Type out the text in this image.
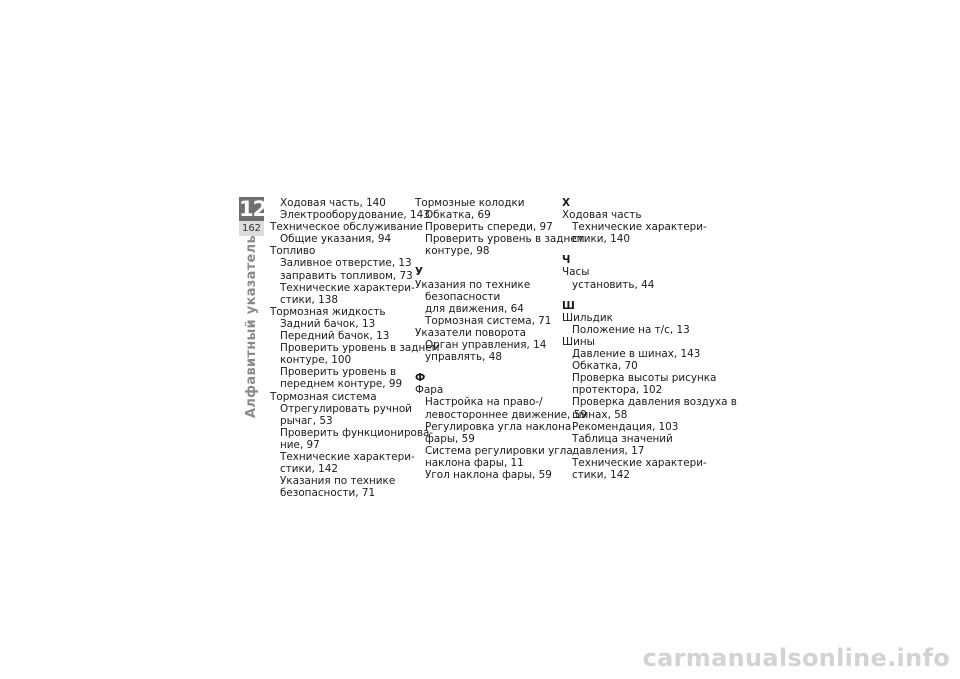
12
162
Алфавитный указатель
Ходовая часть, 140
Электрооборудование, 143
Техническое обслуживание
Общие указания, 94
Топливо
Заливное отверстие, 13
заправить топливом, 73
Технические характери-
стики, 138
Тормозная жидкость
Задний бачок, 13
Передний бачок, 13
Проверить уровень в заднем
контуре, 100
Проверить уровень в
переднем контуре, 99
Тормозная система
Отрегулировать ручной
рычаг, 53
Проверить функционирова-
ние, 97
Технические характери-
стики, 142
Указания по технике
безопасности, 71
Тормозные колодки
Обкатка, 69
Проверить спереди, 97
Проверить уровень в заднем
контуре, 98
У
Указания по технике
безопасности
для движения, 64
Тормозная система, 71
Указатели поворота
Орган управления, 14
управлять, 48
Ф
Фара
Настройка на право-/
левостороннее движение, 59
Регулировка угла наклона
фары, 59
Система регулировки угла
наклона фары, 11
Угол наклона фары, 59
Х
Ходовая часть
Технические характери-
стики, 140
Ч
Часы
установить, 44
Ш
Шильдик
Положение на т/с, 13
Шины
Давление в шинах, 143
Обкатка, 70
Проверка высоты рисунка
протектора, 102
Проверка давления воздуха в
шинах, 58
Рекомендация, 103
Таблица значений
давления, 17
Технические характери-
стики, 142
carmanualsonline.info
